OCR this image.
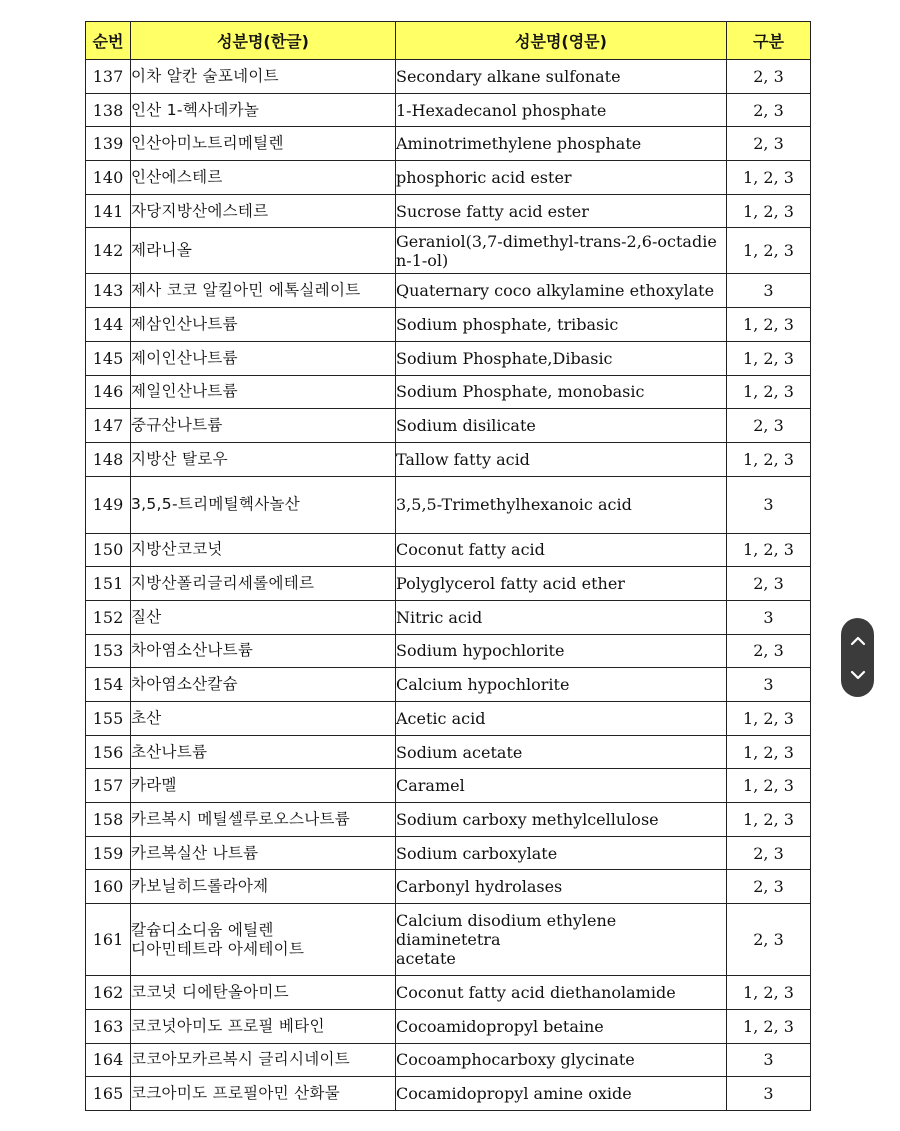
순번	성분명(한글)	성분명(영문)	구분
137	이차 알칸 술포네이트	Secondary alkane sulfonate	2, 3
138	인산 1-헥사데카놀	1-Hexadecanol phosphate	2, 3
139	인산아미노트리메틸렌	Aminotrimethylene phosphate	2, 3
140	인산에스테르	phosphoric acid ester	1, 2, 3
141	자당지방산에스테르	Sucrose fatty acid ester	1, 2, 3
142	제라니올	Geraniol(3,7-dimethyl-trans-2,6-octadien-1-ol)	1, 2, 3
143	제사 코코 알킬아민 에톡실레이트	Quaternary coco alkylamine ethoxylate	3
144	제삼인산나트륨	Sodium phosphate, tribasic	1, 2, 3
145	제이인산나트륨	Sodium Phosphate,Dibasic	1, 2, 3
146	제일인산나트륨	Sodium Phosphate, monobasic	1, 2, 3
147	중규산나트륨	Sodium disilicate	2, 3
148	지방산 탈로우	Tallow fatty acid	1, 2, 3
149	3,5,5-트리메틸헥사놀산	3,5,5-Trimethylhexanoic acid	3
150	지방산코코넛	Coconut fatty acid	1, 2, 3
151	지방산폴리글리세롤에테르	Polyglycerol fatty acid ether	2, 3
152	질산	Nitric acid	3
153	차아염소산나트륨	Sodium hypochlorite	2, 3
154	차아염소산칼슘	Calcium hypochlorite	3
155	초산	Acetic acid	1, 2, 3
156	초산나트륨	Sodium acetate	1, 2, 3
157	카라멜	Caramel	1, 2, 3
158	카르복시 메틸셀루로오스나트륨	Sodium carboxy methylcellulose	1, 2, 3
159	카르복실산 나트륨	Sodium carboxylate	2, 3
160	카보닐히드롤라아제	Carbonyl hydrolases	2, 3
161	칼슘디소디움 에틸렌
디아민테트라 아세테이트	Calcium disodium ethylene
diaminetetra
acetate	2, 3
162	코코넛 디에탄올아미드	Coconut fatty acid diethanolamide	1, 2, 3
163	코코넛아미도 프로필 베타인	Cocoamidopropyl betaine	1, 2, 3
164	코코아모카르복시 글리시네이트	Cocoamphocarboxy glycinate	3
165	코크아미도 프로필아민 산화물	Cocamidopropyl amine oxide	3
